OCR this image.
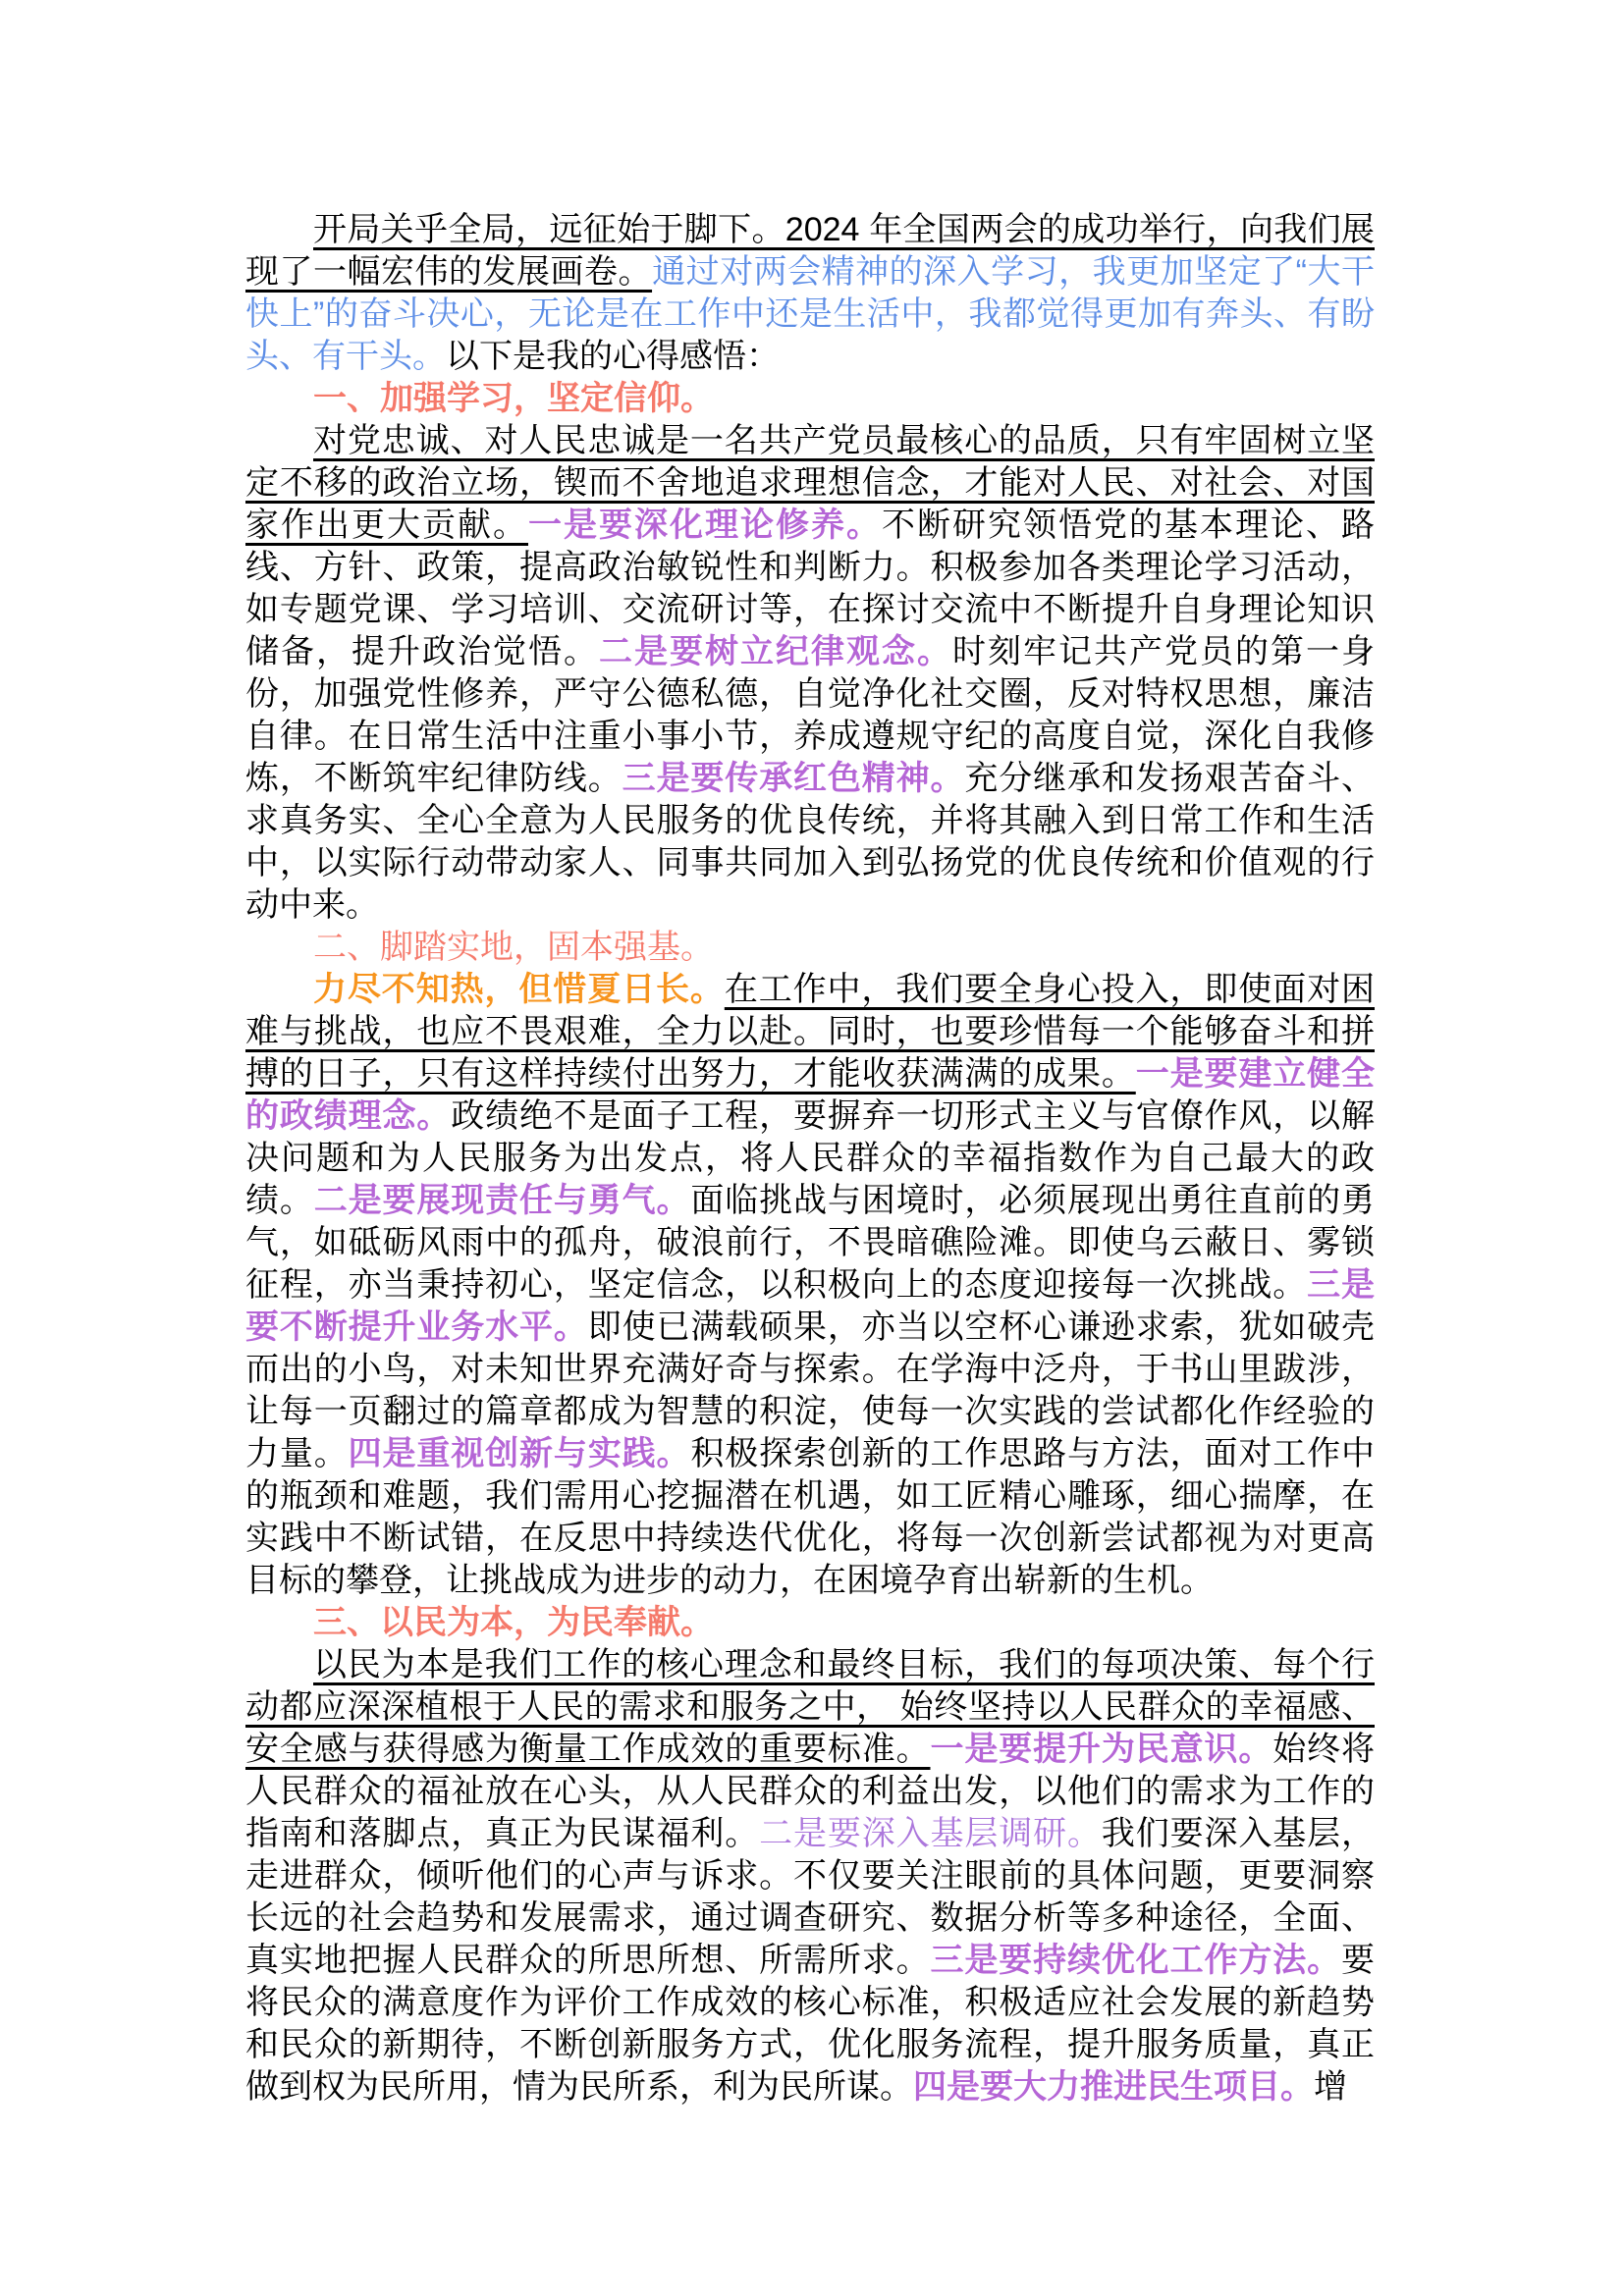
开局关乎全局，远征始于脚下。2024 年全国两会的成功举行，向我们展现了一幅宏伟的发展画卷。通过对两会精神的深入学习，我更加坚定了“大干快上”的奋斗决心，无论是在工作中还是生活中，我都觉得更加有奔头、有盼头、有干头。以下是我的心得感悟：

一、加强学习，坚定信仰。

对党忠诚、对人民忠诚是一名共产党员最核心的品质，只有牢固树立坚定不移的政治立场，锲而不舍地追求理想信念，才能对人民、对社会、对国家作出更大贡献。一是要深化理论修养。不断研究领悟党的基本理论、路线、方针、政策，提高政治敏锐性和判断力。积极参加各类理论学习活动，如专题党课、学习培训、交流研讨等，在探讨交流中不断提升自身理论知识储备，提升政治觉悟。二是要树立纪律观念。时刻牢记共产党员的第一身份，加强党性修养，严守公德私德，自觉净化社交圈，反对特权思想，廉洁自律。在日常生活中注重小事小节，养成遵规守纪的高度自觉，深化自我修炼，不断筑牢纪律防线。三是要传承红色精神。充分继承和发扬艰苦奋斗、求真务实、全心全意为人民服务的优良传统，并将其融入到日常工作和生活中，以实际行动带动家人、同事共同加入到弘扬党的优良传统和价值观的行动中来。

二、脚踏实地，固本强基。

力尽不知热，但惜夏日长。在工作中，我们要全身心投入，即使面对困难与挑战，也应不畏艰难，全力以赴。同时，也要珍惜每一个能够奋斗和拼搏的日子，只有这样持续付出努力，才能收获满满的成果。一是要建立健全的政绩理念。政绩绝不是面子工程，要摒弃一切形式主义与官僚作风，以解决问题和为人民服务为出发点，将人民群众的幸福指数作为自己最大的政绩。二是要展现责任与勇气。面临挑战与困境时，必须展现出勇往直前的勇气，如砥砺风雨中的孤舟，破浪前行，不畏暗礁险滩。即使乌云蔽日、雾锁征程，亦当秉持初心，坚定信念，以积极向上的态度迎接每一次挑战。三是要不断提升业务水平。即使已满载硕果，亦当以空杯心谦逊求索，犹如破壳而出的小鸟，对未知世界充满好奇与探索。在学海中泛舟，于书山里跋涉，让每一页翻过的篇章都成为智慧的积淀，使每一次实践的尝试都化作经验的力量。四是重视创新与实践。积极探索创新的工作思路与方法，面对工作中的瓶颈和难题，我们需用心挖掘潜在机遇，如工匠精心雕琢，细心揣摩，在实践中不断试错，在反思中持续迭代优化，将每一次创新尝试都视为对更高目标的攀登，让挑战成为进步的动力，在困境孕育出崭新的生机。

三、以民为本，为民奉献。

以民为本是我们工作的核心理念和最终目标，我们的每项决策、每个行动都应深深植根于人民的需求和服务之中， 始终坚持以人民群众的幸福感、安全感与获得感为衡量工作成效的重要标准。一是要提升为民意识。始终将人民群众的福祉放在心头，从人民群众的利益出发，以他们的需求为工作的指南和落脚点，真正为民谋福利。二是要深入基层调研。我们要深入基层，走进群众，倾听他们的心声与诉求。不仅要关注眼前的具体问题，更要洞察长远的社会趋势和发展需求，通过调查研究、数据分析等多种途径，全面、真实地把握人民群众的所思所想、所需所求。三是要持续优化工作方法。要将民众的满意度作为评价工作成效的核心标准，积极适应社会发展的新趋势和民众的新期待，不断创新服务方式，优化服务流程，提升服务质量，真正做到权为民所用，情为民所系，利为民所谋。四是要大力推进民生项目。增
